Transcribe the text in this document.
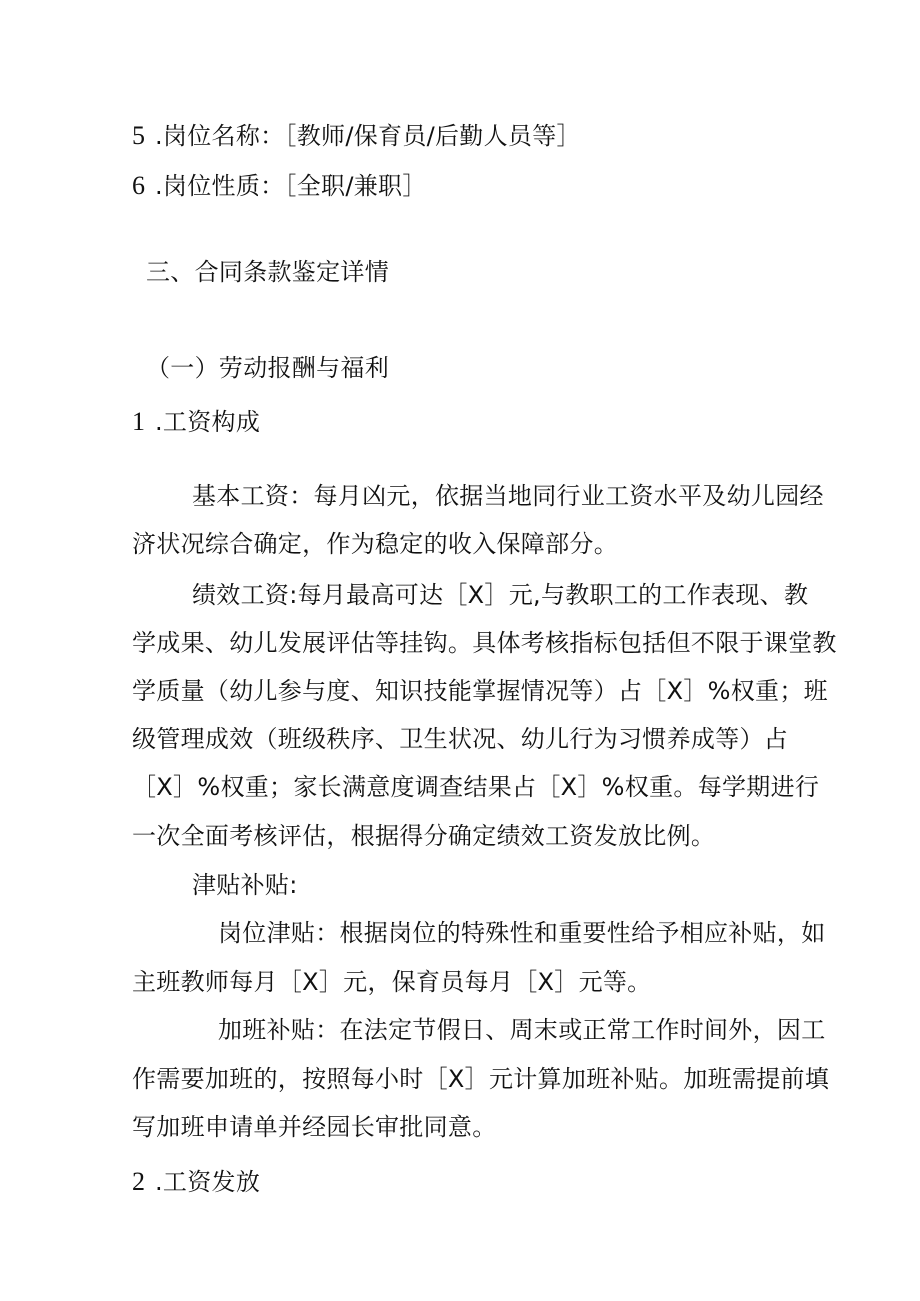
5 .岗位名称：［教师/保育员/后勤人员等］
6 .岗位性质：［全职/兼职］
三、合同条款鉴定详情
（一）劳动报酬与福利
1 .工资构成
基本工资：每月凶元，依据当地同行业工资水平及幼儿园经
济状况综合确定，作为稳定的收入保障部分。
绩效工资:每月最高可达［X］元,与教职工的工作表现、教
学成果、幼儿发展评估等挂钩。具体考核指标包括但不限于课堂教
学质量（幼儿参与度、知识技能掌握情况等）占［X］%权重；班
级管理成效（班级秩序、卫生状况、幼儿行为习惯养成等）占
［X］%权重；家长满意度调查结果占［X］%权重。每学期进行
一次全面考核评估，根据得分确定绩效工资发放比例。
津贴补贴:
岗位津贴：根据岗位的特殊性和重要性给予相应补贴，如
主班教师每月［X］元，保育员每月［X］元等。
加班补贴：在法定节假日、周末或正常工作时间外，因工
作需要加班的，按照每小时［X］元计算加班补贴。加班需提前填
写加班申请单并经园长审批同意。
2 .工资发放
